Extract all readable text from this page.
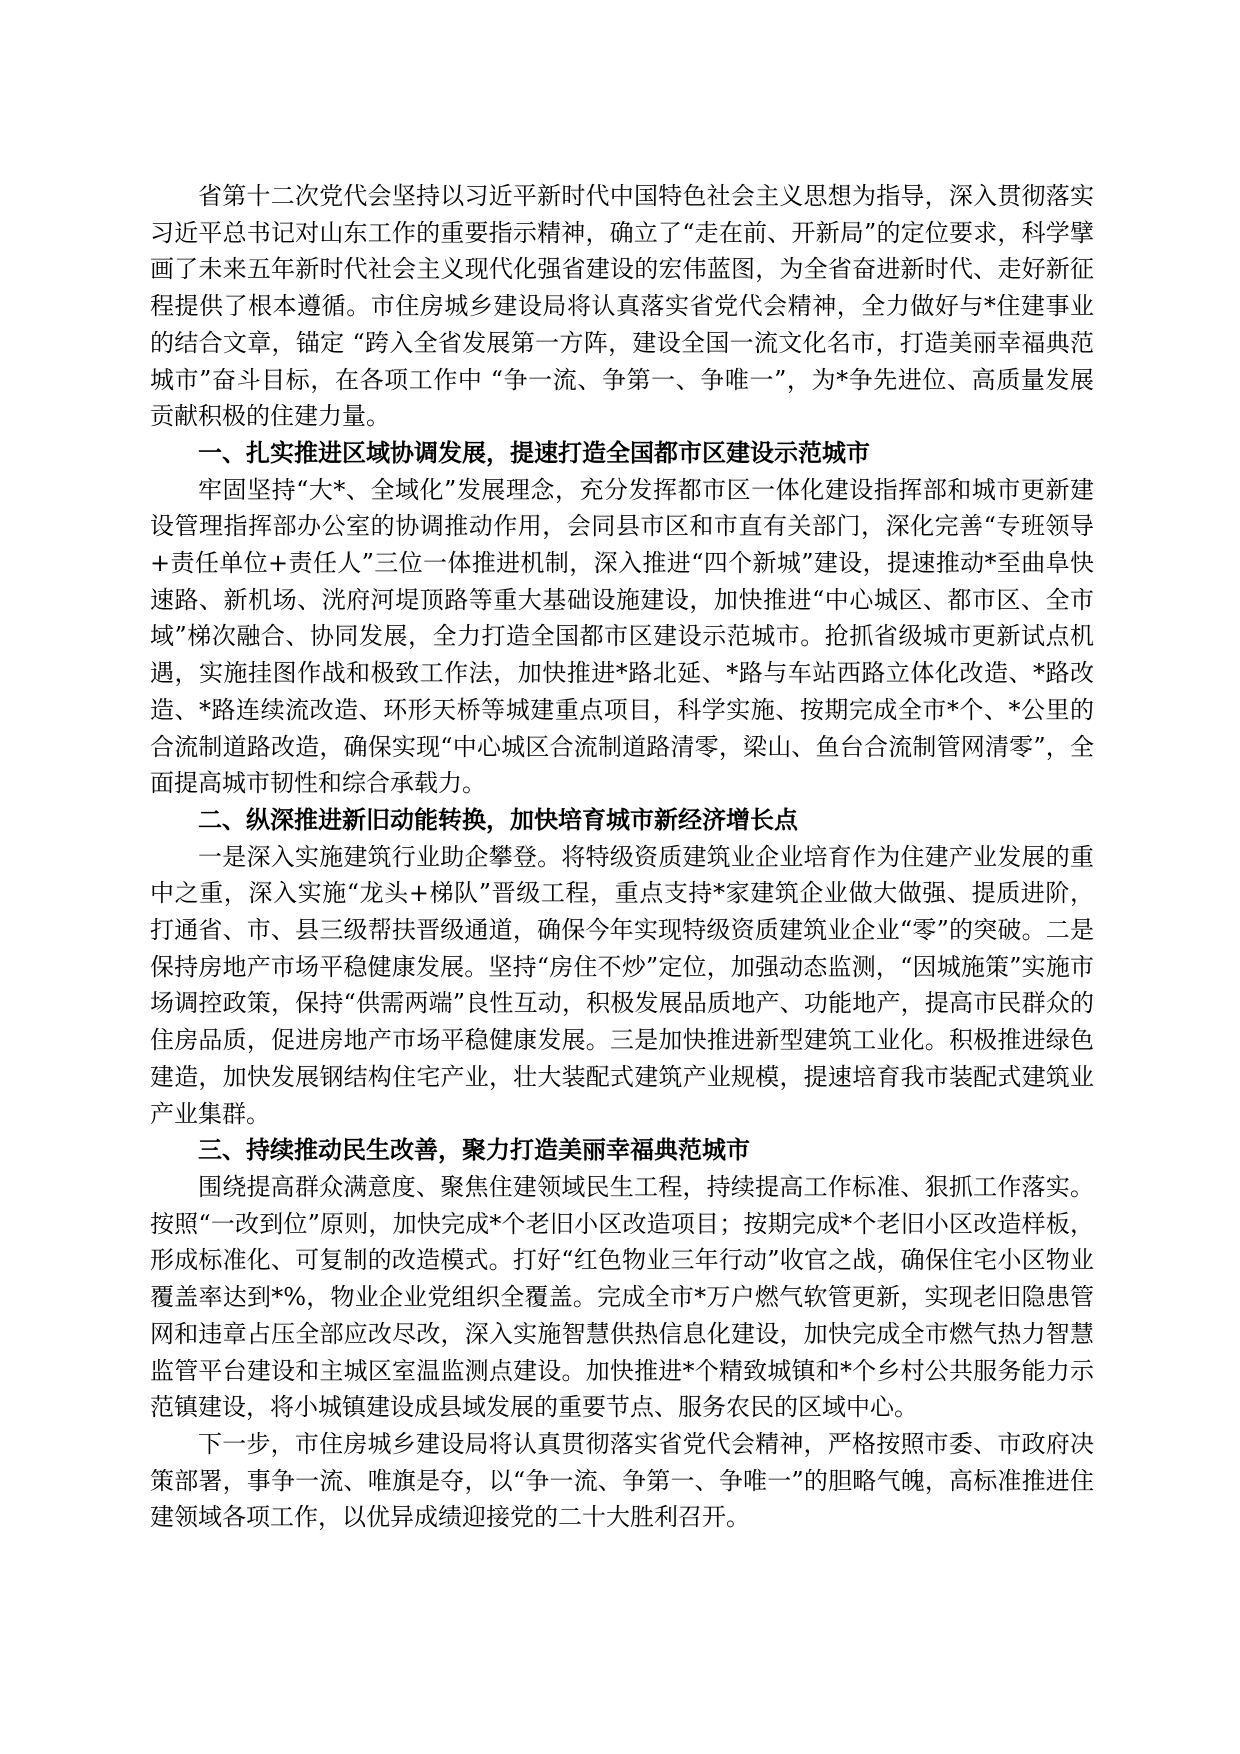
省第十二次党代会坚持以习近平新时代中国特色社会主义思想为指导，深入贯彻落实习近平总书记对山东工作的重要指示精神，确立了“走在前、开新局”的定位要求，科学擘画了未来五年新时代社会主义现代化强省建设的宏伟蓝图，为全省奋进新时代、走好新征程提供了根本遵循。市住房城乡建设局将认真落实省党代会精神，全力做好与*住建事业的结合文章，锚定 “跨入全省发展第一方阵，建设全国一流文化名市，打造美丽幸福典范城市”奋斗目标，在各项工作中 “争一流、争第一、争唯一”，为*争先进位、高质量发展贡献积极的住建力量。

一、扎实推进区域协调发展，提速打造全国都市区建设示范城市

牢固坚持“大*、全域化”发展理念，充分发挥都市区一体化建设指挥部和城市更新建设管理指挥部办公室的协调推动作用，会同县市区和市直有关部门，深化完善“专班领导+责任单位+责任人”三位一体推进机制，深入推进“四个新城”建设，提速推动*至曲阜快速路、新机场、洸府河堤顶路等重大基础设施建设，加快推进“中心城区、都市区、全市域”梯次融合、协同发展，全力打造全国都市区建设示范城市。抢抓省级城市更新试点机遇，实施挂图作战和极致工作法，加快推进*路北延、*路与车站西路立体化改造、*路改造、*路连续流改造、环形天桥等城建重点项目，科学实施、按期完成全市*个、*公里的合流制道路改造，确保实现“中心城区合流制道路清零，梁山、鱼台合流制管网清零”，全面提高城市韧性和综合承载力。

二、纵深推进新旧动能转换，加快培育城市新经济增长点

一是深入实施建筑行业助企攀登。将特级资质建筑业企业培育作为住建产业发展的重中之重，深入实施“龙头+梯队”晋级工程，重点支持*家建筑企业做大做强、提质进阶，打通省、市、县三级帮扶晋级通道，确保今年实现特级资质建筑业企业“零”的突破。二是保持房地产市场平稳健康发展。坚持“房住不炒”定位，加强动态监测，“因城施策”实施市场调控政策，保持“供需两端”良性互动，积极发展品质地产、功能地产，提高市民群众的住房品质，促进房地产市场平稳健康发展。三是加快推进新型建筑工业化。积极推进绿色建造，加快发展钢结构住宅产业，壮大装配式建筑产业规模，提速培育我市装配式建筑业产业集群。

三、持续推动民生改善，聚力打造美丽幸福典范城市

围绕提高群众满意度、聚焦住建领域民生工程，持续提高工作标准、狠抓工作落实。按照“一改到位”原则，加快完成*个老旧小区改造项目；按期完成*个老旧小区改造样板，形成标准化、可复制的改造模式。打好“红色物业三年行动”收官之战，确保住宅小区物业覆盖率达到*%，物业企业党组织全覆盖。完成全市*万户燃气软管更新，实现老旧隐患管网和违章占压全部应改尽改，深入实施智慧供热信息化建设，加快完成全市燃气热力智慧监管平台建设和主城区室温监测点建设。加快推进*个精致城镇和*个乡村公共服务能力示范镇建设，将小城镇建设成县域发展的重要节点、服务农民的区域中心。

下一步，市住房城乡建设局将认真贯彻落实省党代会精神，严格按照市委、市政府决策部署，事争一流、唯旗是夺，以“争一流、争第一、争唯一”的胆略气魄，高标准推进住建领域各项工作，以优异成绩迎接党的二十大胜利召开。
